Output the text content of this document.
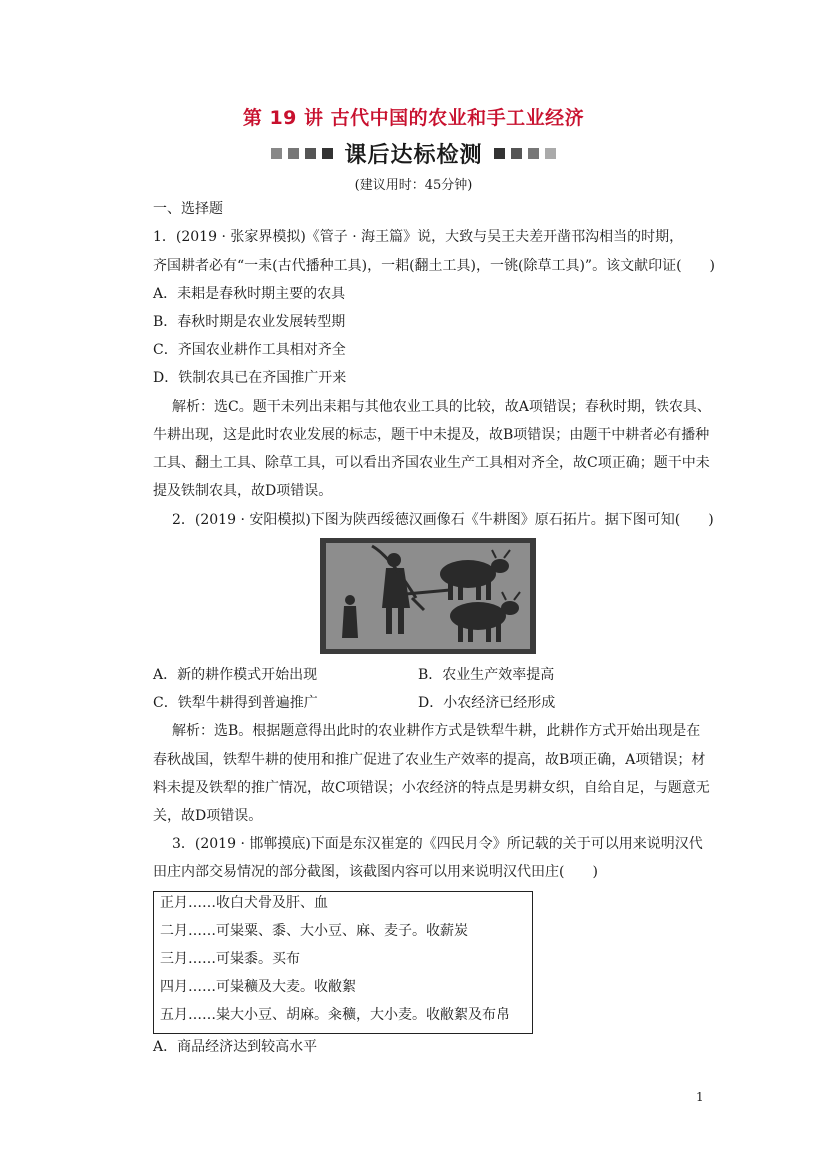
第 19 讲 古代中国的农业和手工业经济
课后达标检测
(建议用时：45分钟)
一、选择题
1．(2019 · 张家界模拟)《管子 · 海王篇》说，大致与吴王夫差开凿邗沟相当的时期，
齐国耕者必有“一耒(古代播种工具)，一耜(翻土工具)，一铫(除草工具)”。该文献印证(　　)
A．耒耜是春秋时期主要的农具
B．春秋时期是农业发展转型期
C．齐国农业耕作工具相对齐全
D．铁制农具已在齐国推广开来
解析：选C。题干未列出耒耜与其他农业工具的比较，故A项错误；春秋时期，铁农具、
牛耕出现，这是此时农业发展的标志，题干中未提及，故B项错误；由题干中耕者必有播种
工具、翻土工具、除草工具，可以看出齐国农业生产工具相对齐全，故C项正确；题干中未
提及铁制农具，故D项错误。
2．(2019 · 安阳模拟)下图为陕西绥德汉画像石《牛耕图》原石拓片。据下图可知(　　)
A．新的耕作模式开始出现	B．农业生产效率提高
C．铁犁牛耕得到普遍推广	D．小农经济已经形成
解析：选B。根据题意得出此时的农业耕作方式是铁犁牛耕，此耕作方式开始出现是在
春秋战国，铁犁牛耕的使用和推广促进了农业生产效率的提高，故B项正确，A项错误；材
料未提及铁犁的推广情况，故C项错误；小农经济的特点是男耕女织，自给自足，与题意无
关，故D项错误。
3．(2019 · 邯郸摸底)下面是东汉崔寔的《四民月令》所记载的关于可以用来说明汉代
田庄内部交易情况的部分截图，该截图内容可以用来说明汉代田庄(　　)
正月……收白犬骨及肝、血
二月……可粜粟、黍、大小豆、麻、麦子。收薪炭
三月……可粜黍。买布
四月……可粜穬及大麦。收敝絮
五月……粜大小豆、胡麻。籴穬，大小麦。收敝絮及布帛
A．商品经济达到较高水平
1
